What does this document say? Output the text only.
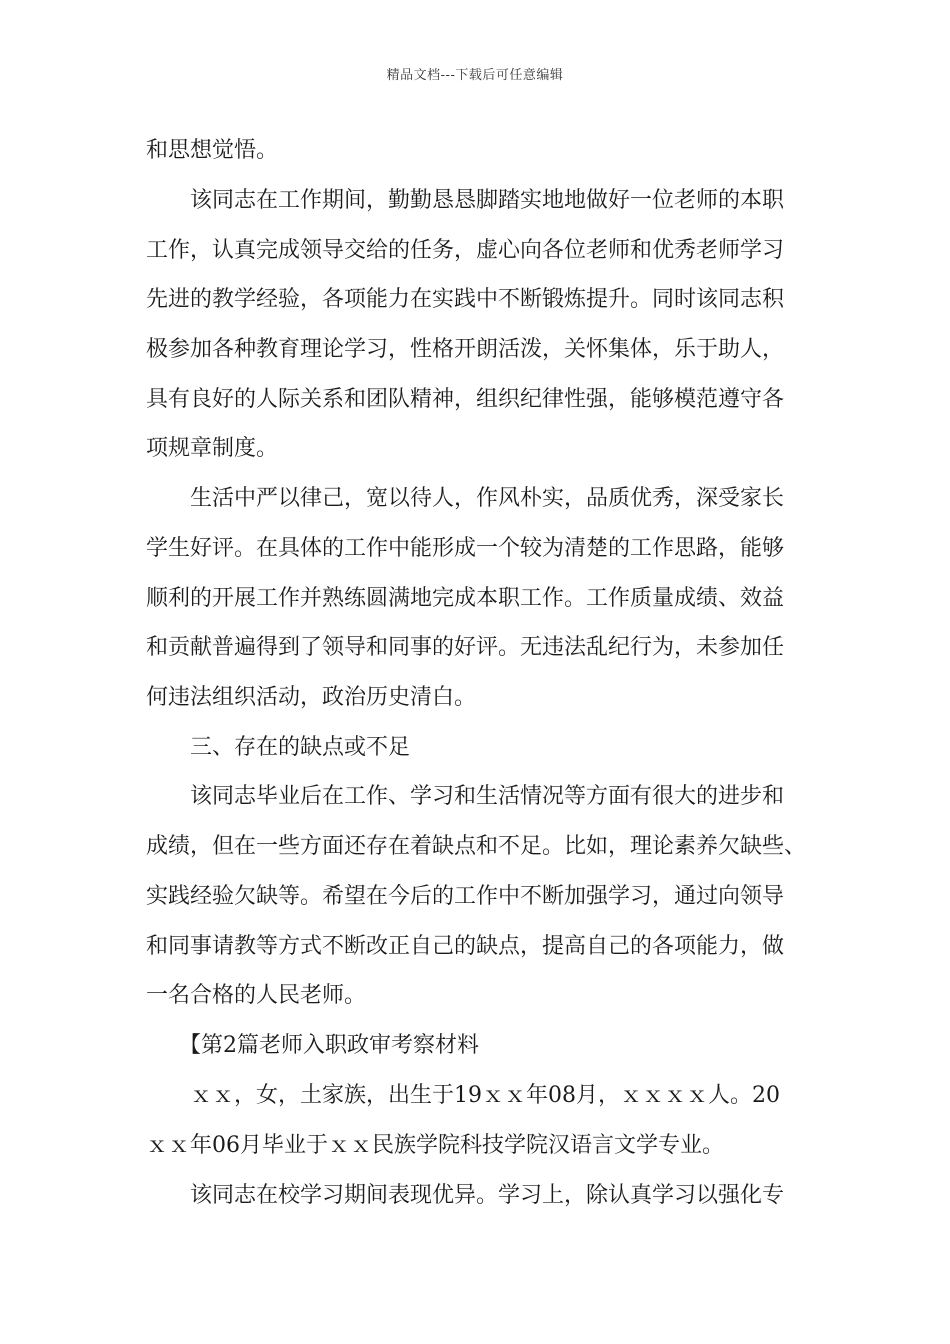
精品文档---下载后可任意编辑
和思想觉悟。
　　该同志在工作期间，勤勤恳恳脚踏实地地做好一位老师的本职
工作，认真完成领导交给的任务，虚心向各位老师和优秀老师学习
先进的教学经验，各项能力在实践中不断锻炼提升。同时该同志积
极参加各种教育理论学习，性格开朗活泼，关怀集体，乐于助人，
具有良好的人际关系和团队精神，组织纪律性强，能够模范遵守各
项规章制度。
　　生活中严以律己，宽以待人，作风朴实，品质优秀，深受家长
学生好评。在具体的工作中能形成一个较为清楚的工作思路，能够
顺利的开展工作并熟练圆满地完成本职工作。工作质量成绩、效益
和贡献普遍得到了领导和同事的好评。无违法乱纪行为，未参加任
何违法组织活动，政治历史清白。
　　三、存在的缺点或不足
　　该同志毕业后在工作、学习和生活情况等方面有很大的进步和
成绩，但在一些方面还存在着缺点和不足。比如，理论素养欠缺些、
实践经验欠缺等。希望在今后的工作中不断加强学习，通过向领导
和同事请教等方式不断改正自己的缺点，提高自己的各项能力，做
一名合格的人民老师。
　　【第2篇老师入职政审考察材料
　　ｘｘ，女，土家族，出生于19ｘｘ年08月，ｘｘｘｘ人。20
ｘｘ年06月毕业于ｘｘ民族学院科技学院汉语言文学专业。
　　该同志在校学习期间表现优异。学习上，除认真学习以强化专
